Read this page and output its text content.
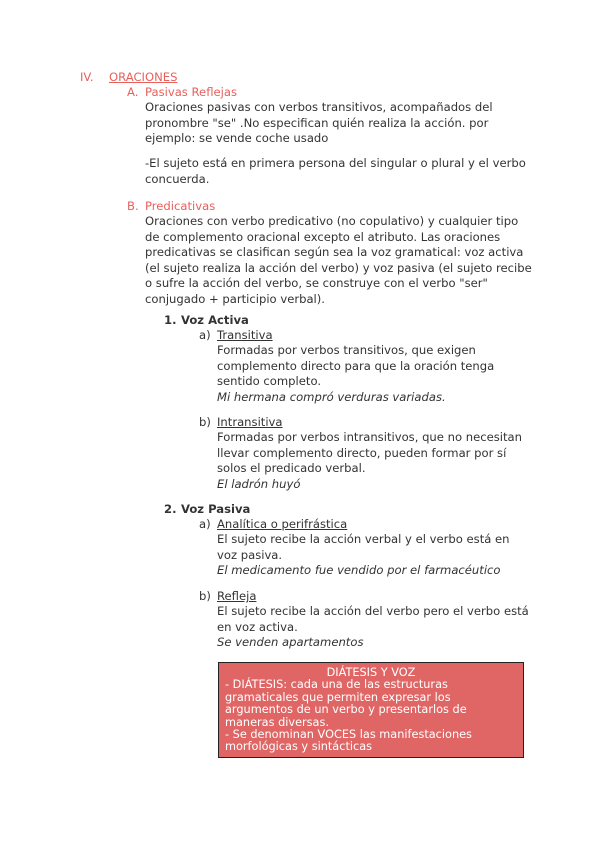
IV. ORACIONES
A. Pasivas Reflejas

Oraciones pasivas con verbos transitivos, acompañados del

pronombre "se" .No especifican quién realiza la acción. por

ejemplo: se vende coche usado

-El sujeto está en primera persona del singular o plural y el verbo

concuerda.

B. Predicativas

Oraciones con verbo predicativo (no copulativo) y cualquier tipo

de complemento oracional excepto el atributo. Las oraciones

predicativas se clasifican según sea la voz gramatical: voz activa

(el sujeto realiza la acción del verbo) y voz pasiva (el sujeto recibe

o sufre la acción del verbo, se construye con el verbo "ser"

conjugado + participio verbal).

1. Voz Activa
a) Transitiva

Formadas por verbos transitivos, que exigen

complemento directo para que la oración tenga

sentido completo.

Mi hermana compró verduras variadas.

b) Intransitiva

Formadas por verbos intransitivos, que no necesitan

llevar complemento directo, pueden formar por sí

solos el predicado verbal.

El ladrón huyó

2. Voz Pasiva
a) Analítica o perifrástica

El sujeto recibe la acción verbal y el verbo está en

voz pasiva.

El medicamento fue vendido por el farmacéutico

b) Refleja

El sujeto recibe la acción del verbo pero el verbo está

en voz activa.

Se venden apartamentos

DIÁTESIS Y VOZ
- DIÁTESIS: cada una de las estructuras
gramaticales que permiten expresar los
argumentos de un verbo y presentarlos de
maneras diversas.
- Se denominan VOCES las manifestaciones
morfológicas y sintácticas
